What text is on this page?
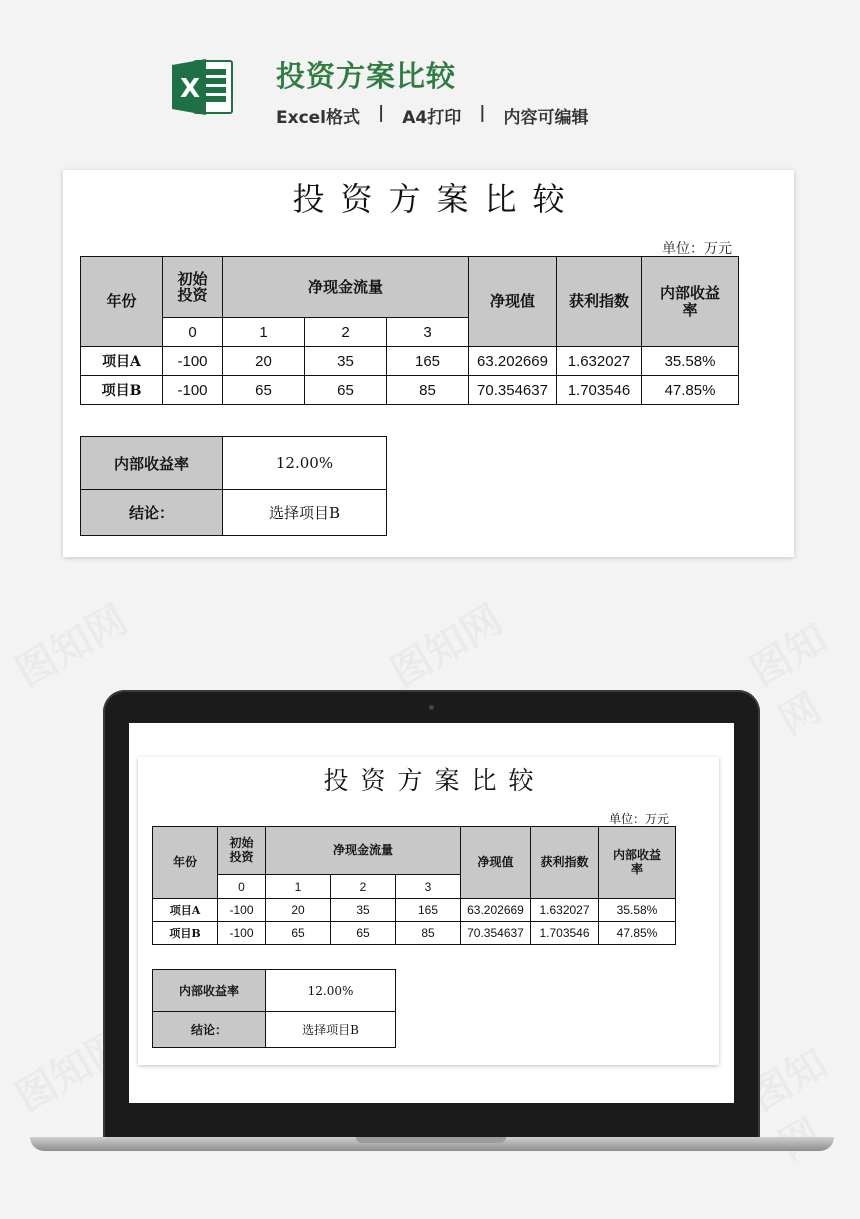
X	投资方案比较
Excel格式 | A4打印 | 内容可编辑
投资方案比较
单位：万元
年份	初始投资	净现金流量			净现值	获利指数	内部收益率
	0	1	2	3			
项目A	-100	20	35	165	63.202669	1.632027	35.58%
项目B	-100	65	65	85	70.354637	1.703546	47.85%
内部收益率	12.00%
结论：	选择项目B
投资方案比较
单位：万元
年份	初始投资	净现金流量			净现值	获利指数	内部收益率
	0	1	2	3			
项目A	-100	20	35	165	63.202669	1.632027	35.58%
项目B	-100	65	65	85	70.354637	1.703546	47.85%
内部收益率	12.00%
结论：	选择项目B
